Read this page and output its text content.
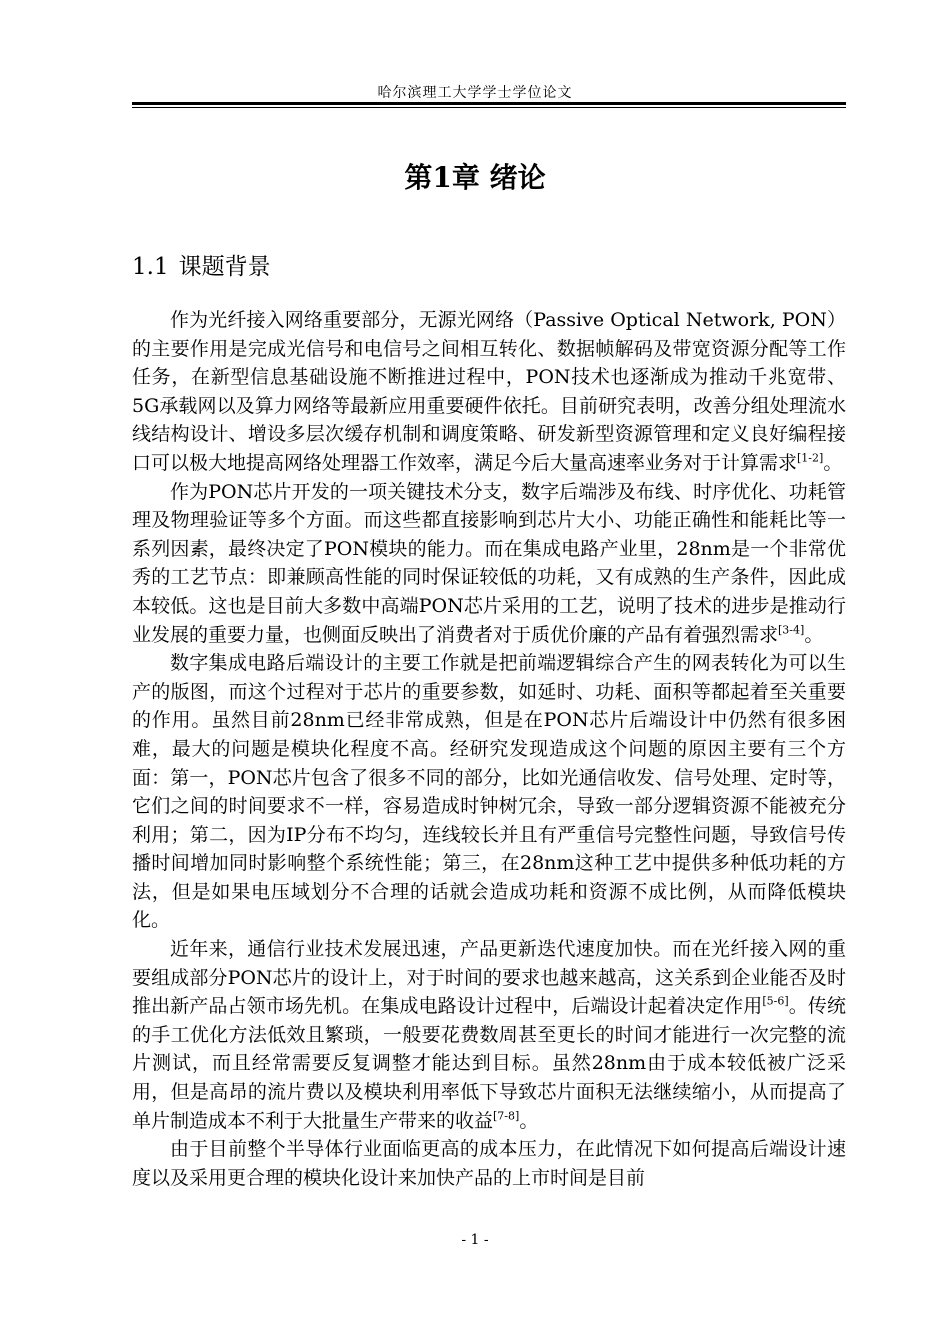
哈尔滨理工大学学士学位论文
第1章 绪论
1.1 课题背景

作为光纤接入网络重要部分，无源光网络（Passive Optical Network, PON）的主要作用是完成光信号和电信号之间相互转化、数据帧解码及带宽资源分配等工作任务，在新型信息基础设施不断推进过程中，PON技术也逐渐成为推动千兆宽带、5G承载网以及算力网络等最新应用重要硬件依托。目前研究表明，改善分组处理流水线结构设计、增设多层次缓存机制和调度策略、研发新型资源管理和定义良好编程接口可以极大地提高网络处理器工作效率，满足今后大量高速率业务对于计算需求[1-2]。

作为PON芯片开发的一项关键技术分支，数字后端涉及布线、时序优化、功耗管理及物理验证等多个方面。而这些都直接影响到芯片大小、功能正确性和能耗比等一系列因素，最终决定了PON模块的能力。而在集成电路产业里，28nm是一个非常优秀的工艺节点：即兼顾高性能的同时保证较低的功耗，又有成熟的生产条件，因此成本较低。这也是目前大多数中高端PON芯片采用的工艺，说明了技术的进步是推动行业发展的重要力量，也侧面反映出了消费者对于质优价廉的产品有着强烈需求[3-4]。

数字集成电路后端设计的主要工作就是把前端逻辑综合产生的网表转化为可以生产的版图，而这个过程对于芯片的重要参数，如延时、功耗、面积等都起着至关重要的作用。虽然目前28nm已经非常成熟，但是在PON芯片后端设计中仍然有很多困难，最大的问题是模块化程度不高。经研究发现造成这个问题的原因主要有三个方面：第一，PON芯片包含了很多不同的部分，比如光通信收发、信号处理、定时等，它们之间的时间要求不一样，容易造成时钟树冗余，导致一部分逻辑资源不能被充分利用；第二，因为IP分布不均匀，连线较长并且有严重信号完整性问题，导致信号传播时间增加同时影响整个系统性能；第三，在28nm这种工艺中提供多种低功耗的方法，但是如果电压域划分不合理的话就会造成功耗和资源不成比例，从而降低模块化。

近年来，通信行业技术发展迅速，产品更新迭代速度加快。而在光纤接入网的重要组成部分PON芯片的设计上，对于时间的要求也越来越高，这关系到企业能否及时推出新产品占领市场先机。在集成电路设计过程中，后端设计起着决定作用[5-6]。传统的手工优化方法低效且繁琐，一般要花费数周甚至更长的时间才能进行一次完整的流片测试，而且经常需要反复调整才能达到目标。虽然28nm由于成本较低被广泛采用，但是高昂的流片费以及模块利用率低下导致芯片面积无法继续缩小，从而提高了单片制造成本不利于大批量生产带来的收益[7-8]。

由于目前整个半导体行业面临更高的成本压力，在此情况下如何提高后端设计速度以及采用更合理的模块化设计来加快产品的上市时间是目前

- 1 -
